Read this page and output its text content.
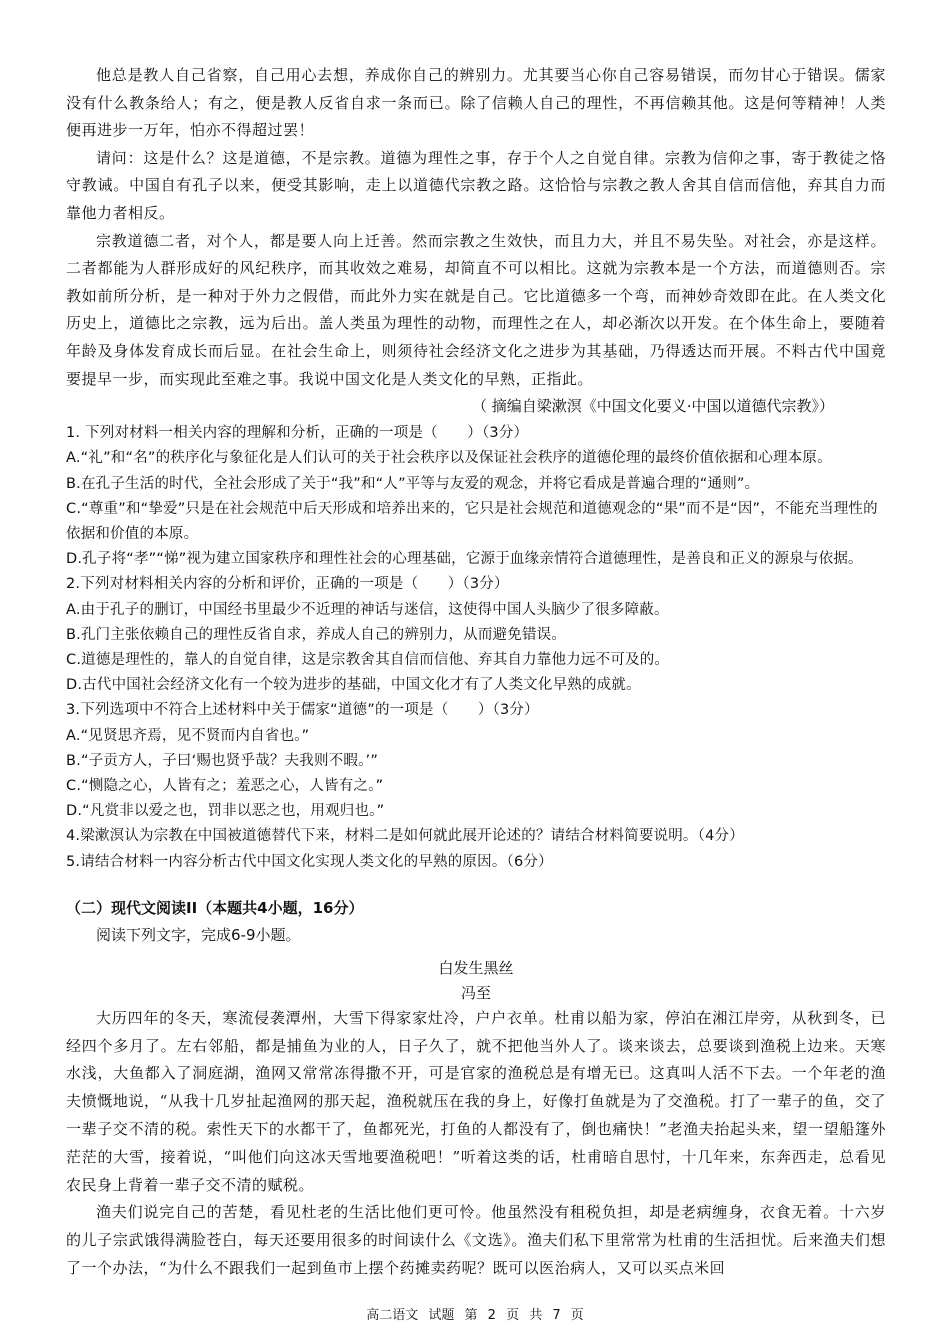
他总是教人自己省察，自己用心去想，养成你自己的辨别力。尤其要当心你自己容易错误，而勿甘心于错误。儒家没有什么教条给人；有之，便是教人反省自求一条而已。除了信赖人自己的理性，不再信赖其他。这是何等精神！人类便再进步一万年，怕亦不得超过罢！

请问：这是什么？这是道德，不是宗教。道德为理性之事，存于个人之自觉自律。宗教为信仰之事，寄于教徒之恪守教诫。中国自有孔子以来，便受其影响，走上以道德代宗教之路。这恰恰与宗教之教人舍其自信而信他，弃其自力而靠他力者相反。

宗教道德二者，对个人，都是要人向上迁善。然而宗教之生效快，而且力大，并且不易失坠。对社会，亦是这样。二者都能为人群形成好的风纪秩序，而其收效之难易，却简直不可以相比。这就为宗教本是一个方法，而道德则否。宗教如前所分析，是一种对于外力之假借，而此外力实在就是自己。它比道德多一个弯，而神妙奇效即在此。在人类文化历史上，道德比之宗教，远为后出。盖人类虽为理性的动物，而理性之在人，却必渐次以开发。在个体生命上，要随着年龄及身体发育成长而后显。在社会生命上，则须待社会经济文化之进步为其基础，乃得透达而开展。不料古代中国竟要提早一步，而实现此至难之事。我说中国文化是人类文化的早熟，正指此。

（ 摘编自梁漱溟《中国文化要义·中国以道德代宗教》）

1. 下列对材料一相关内容的理解和分析，正确的一项是（　　）（3分）

A.“礼”和“名”的秩序化与象征化是人们认可的关于社会秩序以及保证社会秩序的道德伦理的最终价值依据和心理本原。

B.在孔子生活的时代，全社会形成了关于“我”和“人”平等与友爱的观念，并将它看成是普遍合理的“通则”。

C.“尊重”和“挚爱”只是在社会规范中后天形成和培养出来的，它只是社会规范和道德观念的“果”而不是“因”，不能充当理性的依据和价值的本原。

D.孔子将“孝”“悌”视为建立国家秩序和理性社会的心理基础，它源于血缘亲情符合道德理性，是善良和正义的源泉与依据。

2.下列对材料相关内容的分析和评价，正确的一项是（　　）（3分）

A.由于孔子的删订，中国经书里最少不近理的神话与迷信，这使得中国人头脑少了很多障蔽。

B.孔门主张依赖自己的理性反省自求，养成人自己的辨别力，从而避免错误。

C.道德是理性的，靠人的自觉自律，这是宗教舍其自信而信他、弃其自力靠他力远不可及的。

D.古代中国社会经济文化有一个较为进步的基础，中国文化才有了人类文化早熟的成就。

3.下列选项中不符合上述材料中关于儒家“道德”的一项是（　　）（3分）

A.“见贤思齐焉，见不贤而内自省也。”

B.“子贡方人，子曰‘赐也贤乎哉？夫我则不暇。’”

C.“恻隐之心，人皆有之；羞恶之心，人皆有之。”

D.“凡赏非以爱之也，罚非以恶之也，用观归也。”

4.梁漱溟认为宗教在中国被道德替代下来，材料二是如何就此展开论述的？请结合材料简要说明。（4分）

5.请结合材料一内容分析古代中国文化实现人类文化的早熟的原因。（6分）

（二）现代文阅读II（本题共4小题，16分）

阅读下列文字，完成6-9小题。

白发生黑丝

冯至

大历四年的冬天，寒流侵袭潭州，大雪下得家家灶冷，户户衣单。杜甫以船为家，停泊在湘江岸旁，从秋到冬，已经四个多月了。左右邻船，都是捕鱼为业的人，日子久了，就不把他当外人了。谈来谈去，总要谈到渔税上边来。天寒水浅，大鱼都入了洞庭湖，渔网又常常冻得撒不开，可是官家的渔税总是有增无已。这真叫人活不下去。一个年老的渔夫愤慨地说，“从我十几岁扯起渔网的那天起，渔税就压在我的身上，好像打鱼就是为了交渔税。打了一辈子的鱼，交了一辈子交不清的税。索性天下的水都干了，鱼都死光，打鱼的人都没有了，倒也痛快！”老渔夫抬起头来，望一望船篷外茫茫的大雪，接着说，“叫他们向这冰天雪地要渔税吧！”听着这类的话，杜甫暗自思忖，十几年来，东奔西走，总看见农民身上背着一辈子交不清的赋税。

渔夫们说完自己的苦楚，看见杜老的生活比他们更可怜。他虽然没有租税负担，却是老病缠身，衣食无着。十六岁的儿子宗武饿得满脸苍白，每天还要用很多的时间读什么《文选》。渔夫们私下里常常为杜甫的生活担忧。后来渔夫们想了一个办法，“为什么不跟我们一起到鱼市上摆个药摊卖药呢？既可以医治病人，又可以买点米回

高二语文 试题 第 2 页 共 7 页
